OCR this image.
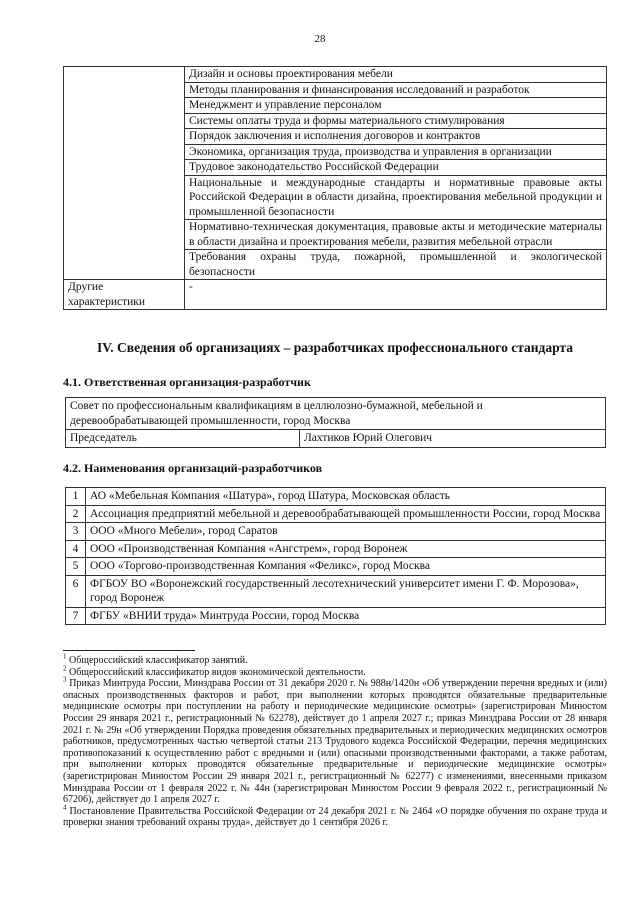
28
	Дизайн и основы проектирования мебели
	Методы планирования и финансирования исследований и разработок
	Менеджмент и управление персоналом
	Системы оплаты труда и формы материального стимулирования
	Порядок заключения и исполнения договоров и контрактов
	Экономика, организация труда, производства и управления в организации
	Трудовое законодательство Российской Федерации
	Национальные и международные стандарты и нормативные правовые акты Российской Федерации в области дизайна, проектирования мебельной продукции и промышленной безопасности
	Нормативно-техническая документация, правовые акты и методические материалы в области дизайна и проектирования мебели, развития мебельной отрасли
	Требования охраны труда, пожарной, промышленной и экологической безопасности
Другие характеристики	-
IV. Сведения об организациях – разработчиках профессионального стандарта
4.1. Ответственная организация-разработчик
Совет по профессиональным квалификациям в целлюлозно-бумажной, мебельной и деревообрабатывающей промышленности, город Москва
Председатель	Лахтиков Юрий Олегович
4.2. Наименования организаций-разработчиков
1	АО «Мебельная Компания «Шатура», город Шатура, Московская область
2	Ассоциация предприятий мебельной и деревообрабатывающей промышленности России, город Москва
3	ООО «Много Мебели», город Саратов
4	ООО «Производственная Компания «Ангстрем», город Воронеж
5	ООО «Торгово-производственная Компания «Феликс», город Москва
6	ФГБОУ ВО «Воронежский государственный лесотехнический университет имени Г. Ф. Морозова», город Воронеж
7	ФГБУ «ВНИИ труда» Минтруда России, город Москва

$^1$ Общероссийский классификатор занятий.

$^2$ Общероссийский классификатор видов экономической деятельности.

$^3$ Приказ Минтруда России, Минздрава России от 31 декабря 2020 г. № 988н/1420н «Об утверждении перечня вредных и (или) опасных производственных факторов и работ, при выполнении которых проводятся обязательные предварительные медицинские осмотры при поступлении на работу и периодические медицинские осмотры» (зарегистрирован Минюстом России 29 января 2021 г., регистрационный № 62278), действует до 1 апреля 2027 г.; приказ Минздрава России от 28 января 2021 г. № 29н «Об утверждении Порядка проведения обязательных предварительных и периодических медицинских осмотров работников, предусмотренных частью четвертой статьи 213 Трудового кодекса Российской Федерации, перечня медицинских противопоказаний к осуществлению работ с вредными и (или) опасными производственными факторами, а также работам, при выполнении которых проводятся обязательные предварительные и периодические медицинские осмотры» (зарегистрирован Минюстом России 29 января 2021 г., регистрационный № 62277) с изменениями, внесенными приказом Минздрава России от 1 февраля 2022 г. № 44н (зарегистрирован Минюстом России 9 февраля 2022 г., регистрационный № 67206), действует до 1 апреля 2027 г.

$^4$ Постановление Правительства Российской Федерации от 24 декабря 2021 г. № 2464 «О порядке обучения по охране труда и проверки знания требований охраны труда», действует до 1 сентября 2026 г.
